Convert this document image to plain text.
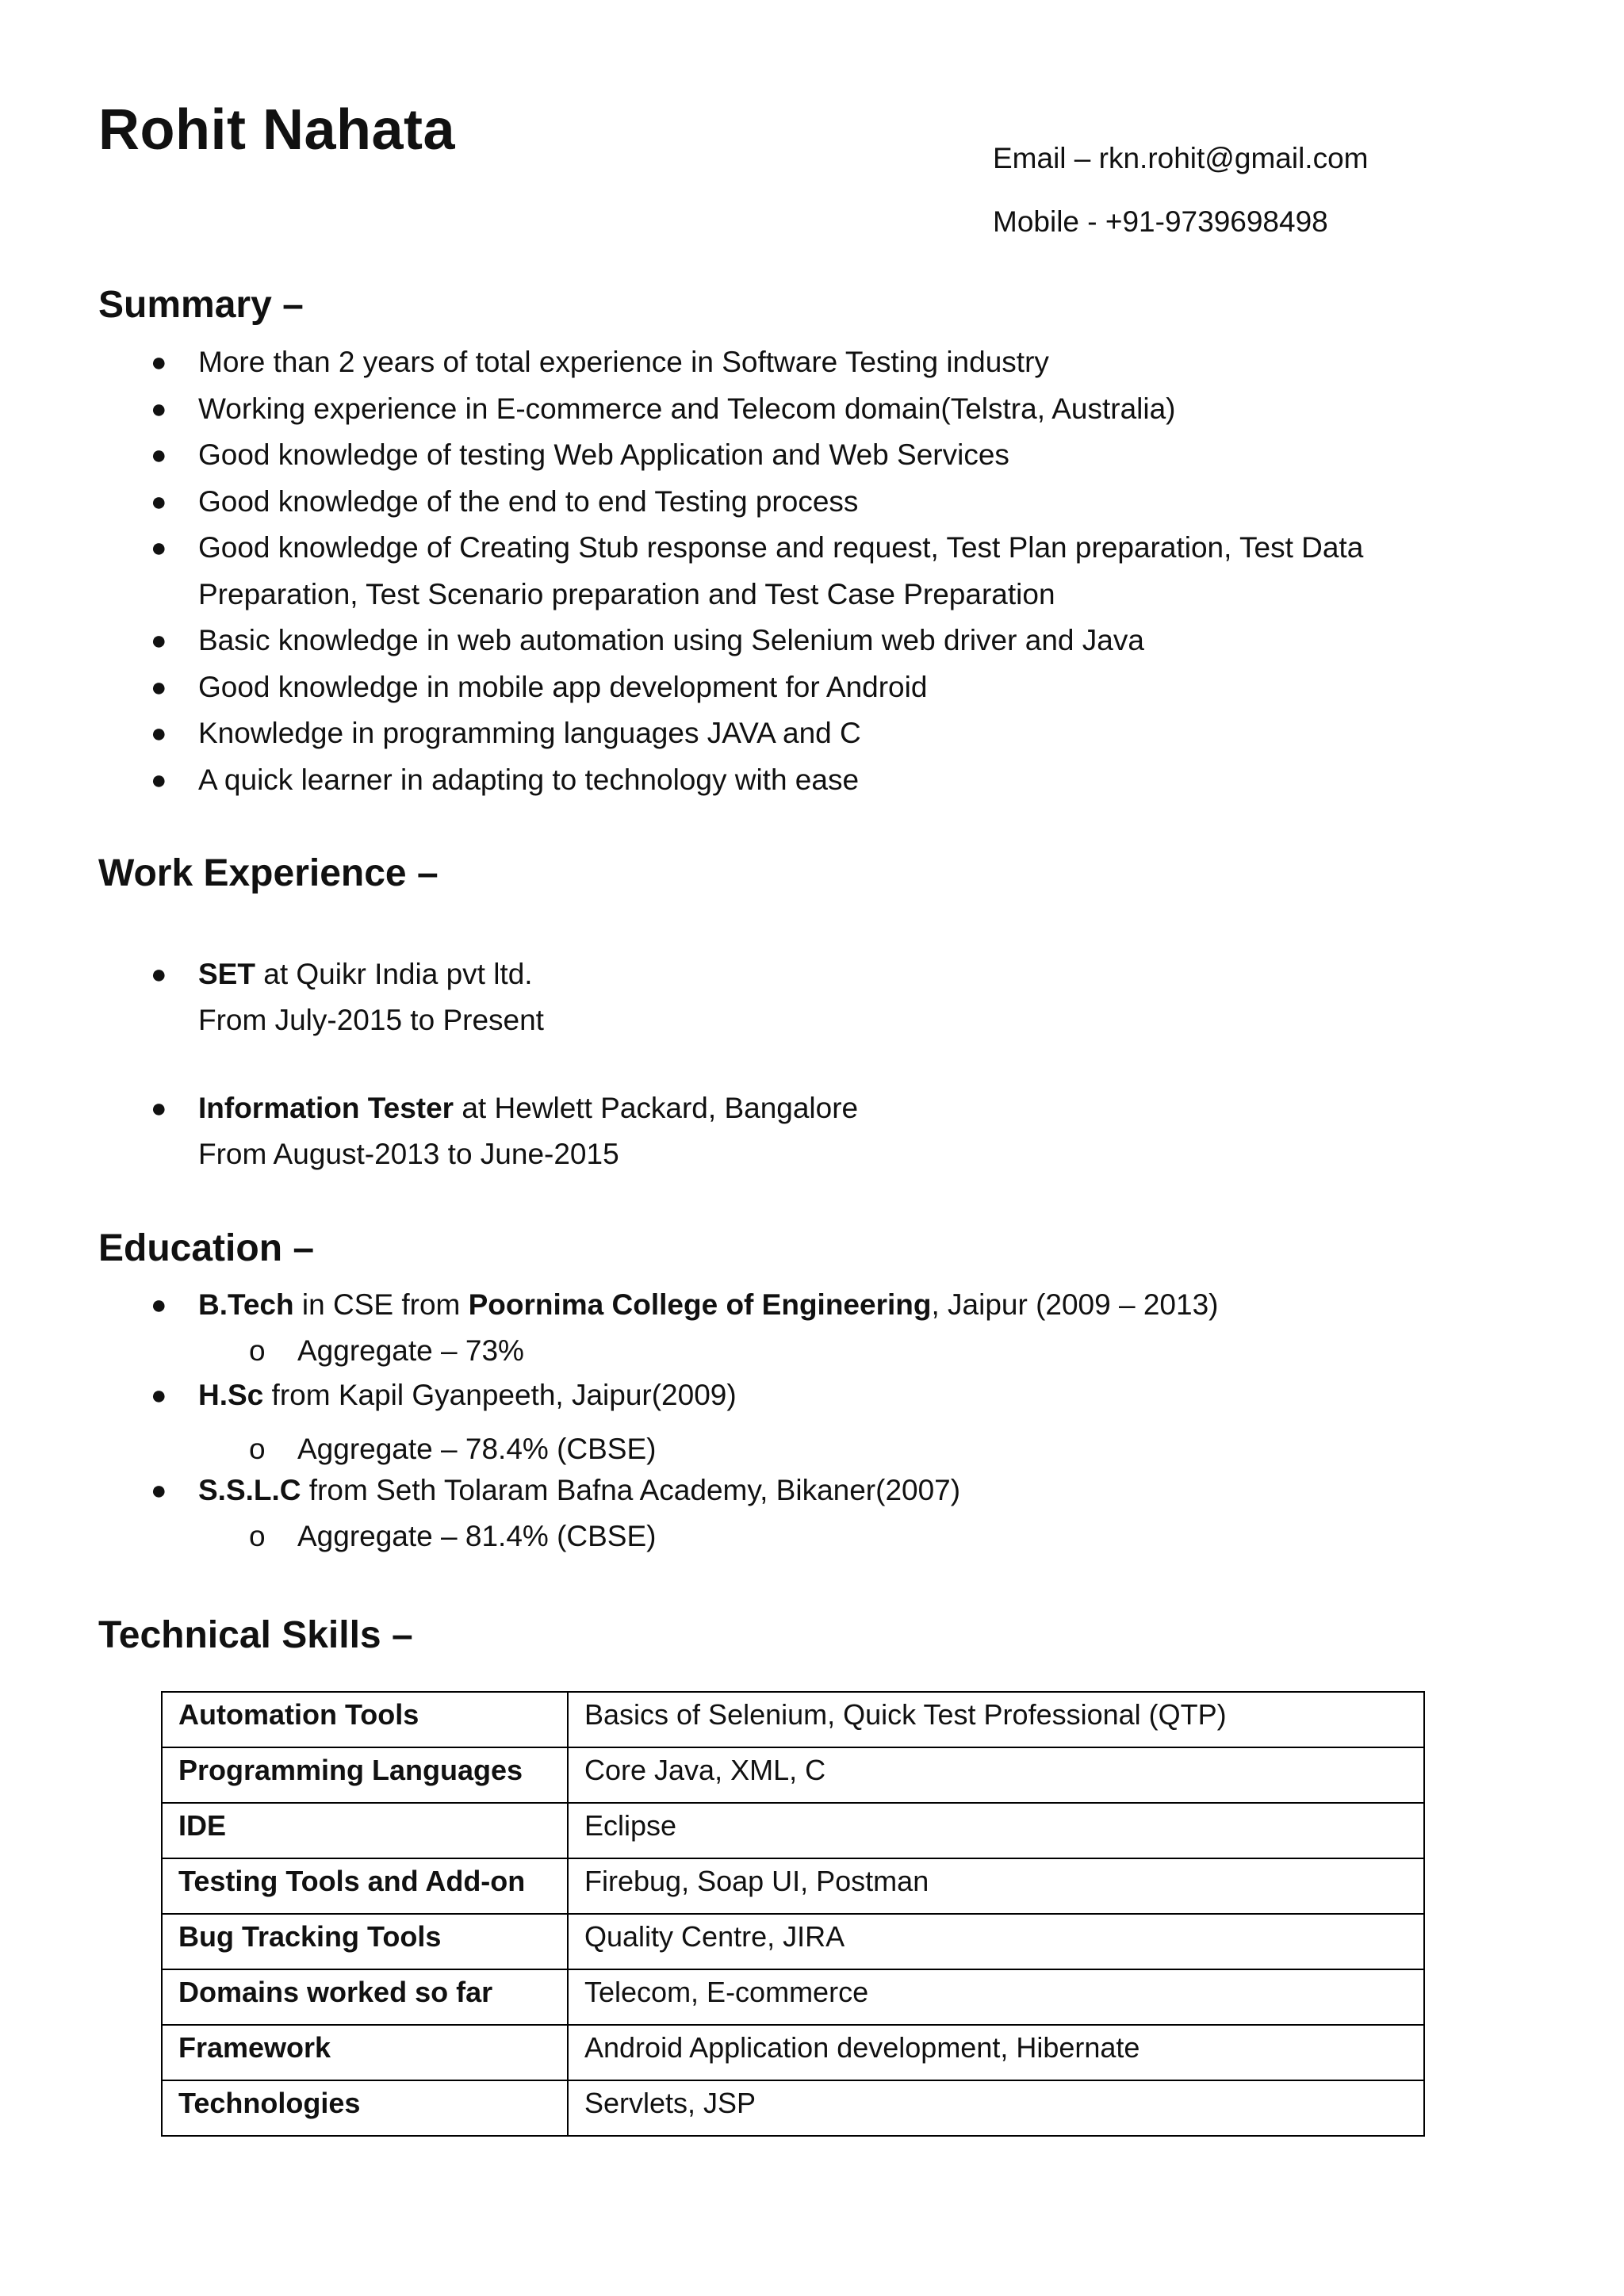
Rohit Nahata	Email – rkn.rohit@gmail.com
Mobile - +91-9739698498
Summary –
● More than 2 years of total experience in Software Testing industry
● Working experience in E-commerce and Telecom domain(Telstra, Australia)
● Good knowledge of testing Web Application and Web Services
● Good knowledge of the end to end Testing process
● Good knowledge of Creating Stub response and request, Test Plan preparation, Test Data Preparation, Test Scenario preparation and Test Case Preparation
● Basic knowledge in web automation using Selenium web driver and Java
● Good knowledge in mobile app development for Android
● Knowledge in programming languages JAVA and C
● A quick learner in adapting to technology with ease
Work Experience –
● SET at Quikr India pvt ltd.
From July-2015 to Present
● Information Tester at Hewlett Packard, Bangalore
From August-2013 to June-2015
Education –
● B.Tech in CSE from Poornima College of Engineering, Jaipur (2009 – 2013)
o Aggregate – 73%
● H.Sc from Kapil Gyanpeeth, Jaipur(2009)
o Aggregate – 78.4% (CBSE)
● S.S.L.C from Seth Tolaram Bafna Academy, Bikaner(2007)
o Aggregate – 81.4% (CBSE)
Technical Skills –
Automation Tools	Basics of Selenium, Quick Test Professional (QTP)
Programming Languages	Core Java, XML, C
IDE	Eclipse
Testing Tools and Add-on	Firebug, Soap UI, Postman
Bug Tracking Tools	Quality Centre, JIRA
Domains worked so far	Telecom, E-commerce
Framework	Android Application development, Hibernate
Technologies	Servlets, JSP
